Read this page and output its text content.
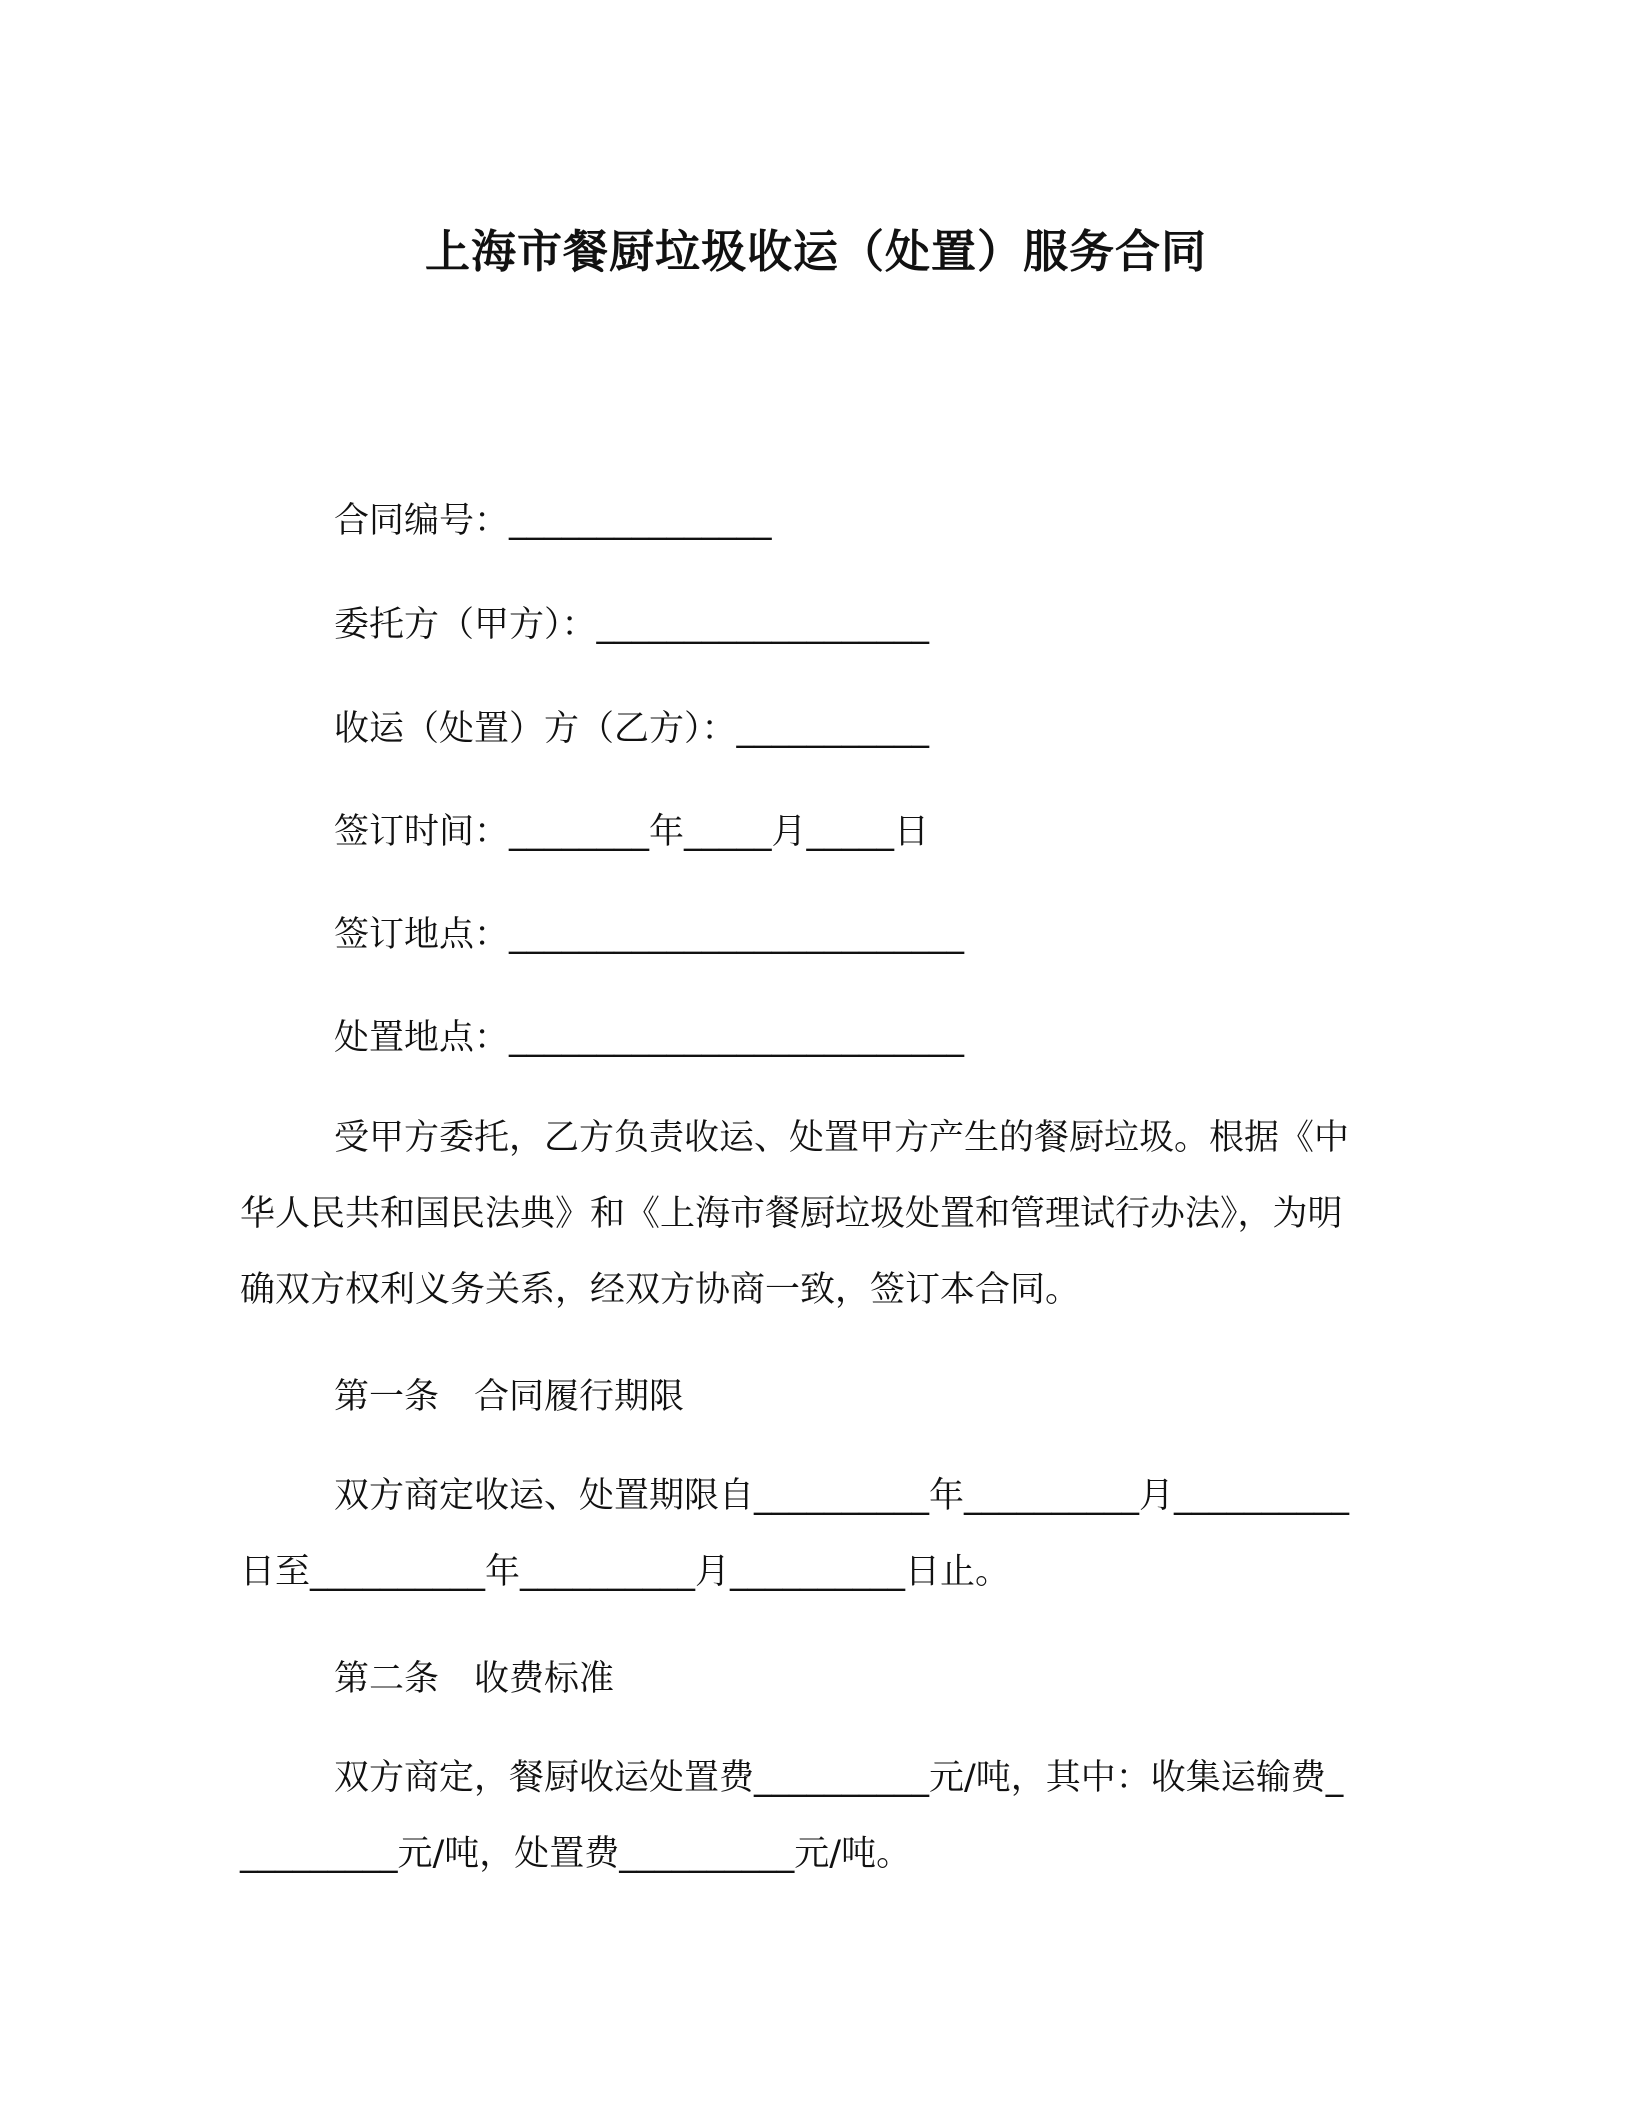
上海市餐厨垃圾收运（处置）服务合同
合同编号：_______________
委托方（甲方）：___________________
收运（处置）方（乙方）：___________
签订时间：________年_____月_____日
签订地点：__________________________
处置地点：__________________________
受甲方委托，乙方负责收运、处置甲方产生的餐厨垃圾。根据《中华人民共和国民法典》和《上海市餐厨垃圾处置和管理试行办法》，为明确双方权利义务关系，经双方协商一致，签订本合同。
第一条　合同履行期限
双方商定收运、处置期限自__________年__________月__________日至__________年__________月__________日止。
第二条　收费标准
双方商定，餐厨收运处置费__________元/吨，其中：收集运输费__________元/吨，处置费__________元/吨。
